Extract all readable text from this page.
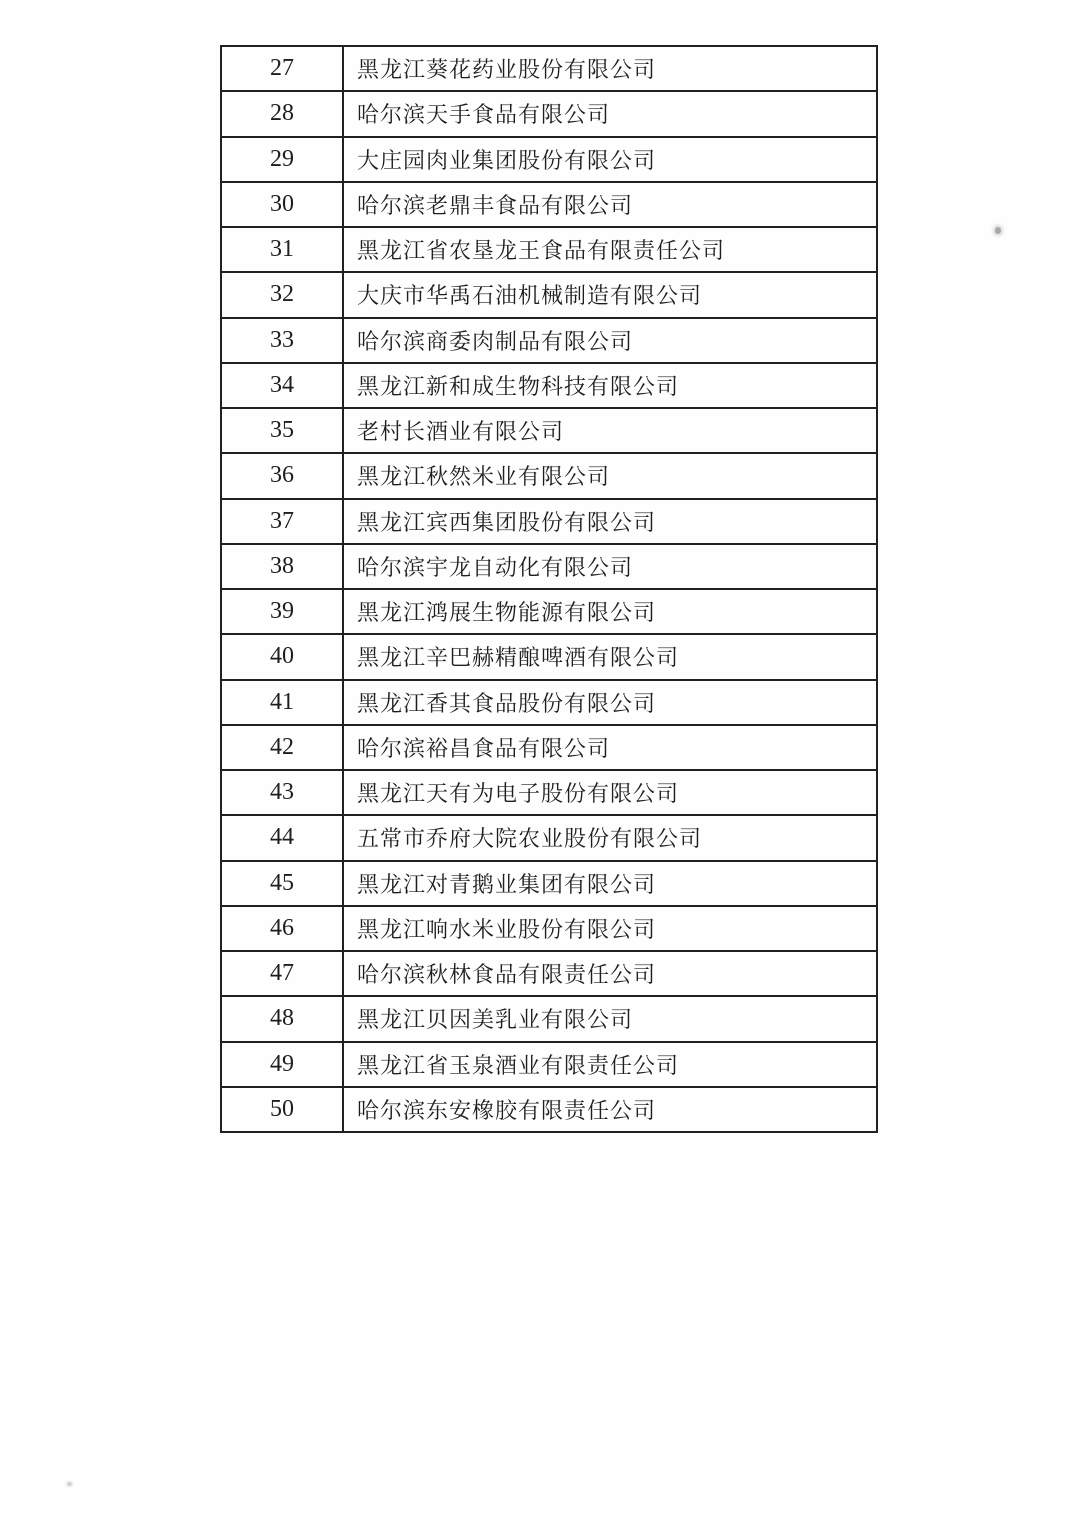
27	黑龙江葵花药业股份有限公司
28	哈尔滨天手食品有限公司
29	大庄园肉业集团股份有限公司
30	哈尔滨老鼎丰食品有限公司
31	黑龙江省农垦龙王食品有限责任公司
32	大庆市华禹石油机械制造有限公司
33	哈尔滨商委肉制品有限公司
34	黑龙江新和成生物科技有限公司
35	老村长酒业有限公司
36	黑龙江秋然米业有限公司
37	黑龙江宾西集团股份有限公司
38	哈尔滨宇龙自动化有限公司
39	黑龙江鸿展生物能源有限公司
40	黑龙江辛巴赫精酿啤酒有限公司
41	黑龙江香其食品股份有限公司
42	哈尔滨裕昌食品有限公司
43	黑龙江天有为电子股份有限公司
44	五常市乔府大院农业股份有限公司
45	黑龙江对青鹅业集团有限公司
46	黑龙江响水米业股份有限公司
47	哈尔滨秋林食品有限责任公司
48	黑龙江贝因美乳业有限公司
49	黑龙江省玉泉酒业有限责任公司
50	哈尔滨东安橡胶有限责任公司
